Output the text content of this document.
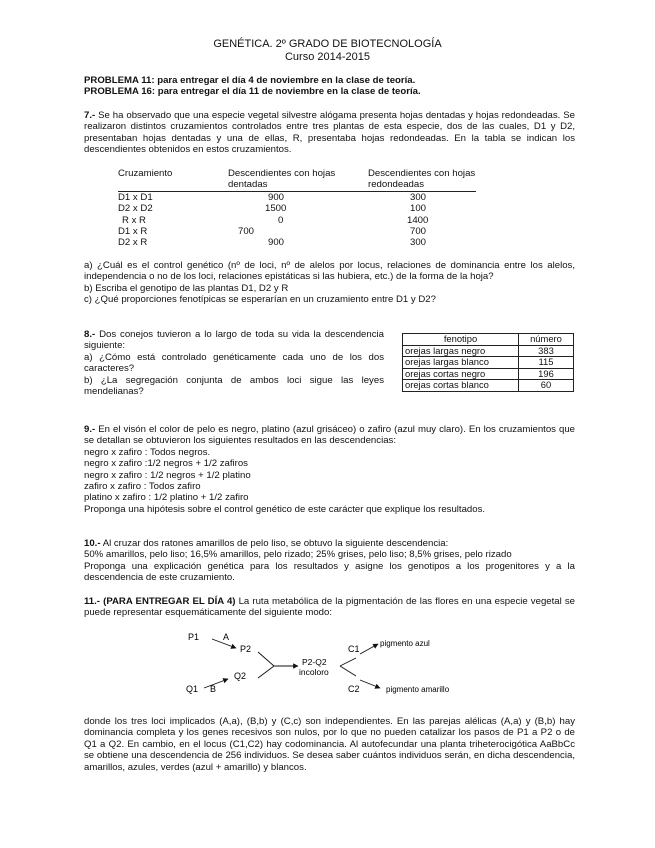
GENÉTICA. 2º GRADO DE BIOTECNOLOGÍA
Curso 2014-2015
PROBLEMA 11: para entregar el día 4 de noviembre en la clase de teoría.
PROBLEMA 16: para entregar el día 11 de noviembre en la clase de teoría.
7.- Se ha observado que una especie vegetal silvestre alógama presenta hojas dentadas y hojas redondeadas. Se realizaron distintos cruzamientos controlados entre tres plantas de esta especie, dos de las cuales, D1 y D2, presentaban hojas dentadas y una de ellas, R, presentaba hojas redondeadas. En la tabla se indican los descendientes obtenidos en estos cruzamientos.
Cruzamiento	Descendientes con hojas dentadas	Descendientes con hojas redondeadas
D1 x D1	900	300
D2 x D2	1500	100
R x R	0	1400
D1 x R	700	700
D2 x R	900	300
a) ¿Cuál es el control genético (nº de loci, nº de alelos por locus, relaciones de dominancia entre los alelos, independencia o no de los loci, relaciones epistáticas si las hubiera, etc.) de la forma de la hoja?
b) Escriba el genotipo de las plantas D1, D2 y R
c) ¿Qué proporciones fenotípicas se esperarían en un cruzamiento entre D1 y D2?
8.- Dos conejos tuvieron a lo largo de toda su vida la descendencia siguiente:
a) ¿Cómo está controlado genéticamente cada uno de los dos caracteres?
b) ¿La segregación conjunta de ambos loci sigue las leyes mendelianas?
fenotipo	número
orejas largas negro	383
orejas largas blanco	115
orejas cortas negro	196
orejas cortas blanco	60
9.- En el visón el color de pelo es negro, platino (azul grisáceo) o zafiro (azul muy claro). En los cruzamientos que se detallan se obtuvieron los siguientes resultados en las descendencias:
negro x zafiro : Todos negros.
negro x zafiro :1/2 negros + 1/2 zafiros
negro x zafiro : 1/2 negros + 1/2 platino
zafiro x zafiro : Todos zafiro
platino x zafiro : 1/2 platino + 1/2 zafiro
Proponga una hipótesis sobre el control genético de este carácter que explique los resultados.
10.- Al cruzar dos ratones amarillos de pelo liso, se obtuvo la siguiente descendencia:
50% amarillos, pelo liso; 16,5% amarillos, pelo rizado; 25% grises, pelo liso; 8,5% grises, pelo rizado
Proponga una explicación genética para los resultados y asigne los genotipos a los progenitores y a la descendencia de este cruzamiento.
11.- (PARA ENTREGAR EL DÍA 4) La ruta metabólica de la pigmentación de las flores en una especie vegetal se puede representar esquemáticamente del siguiente modo:
P1	A
P2
Q1 B
Q2
P2-Q2
incoloro
C1
pigmento azul
C2	pigmento amarillo
donde los tres loci implicados (A,a), (B,b) y (C,c) son independientes. En las parejas alélicas (A,a) y (B,b) hay dominancia completa y los genes recesivos son nulos, por lo que no pueden catalizar los pasos de P1 a P2 o de Q1 a Q2. En cambio, en el locus (C1,C2) hay codominancia. Al autofecundar una planta triheterocigótica AaBbCc se obtiene una descendencia de 256 individuos. Se desea saber cuántos individuos serán, en dicha descendencia, amarillos, azules, verdes (azul + amarillo) y blancos.
